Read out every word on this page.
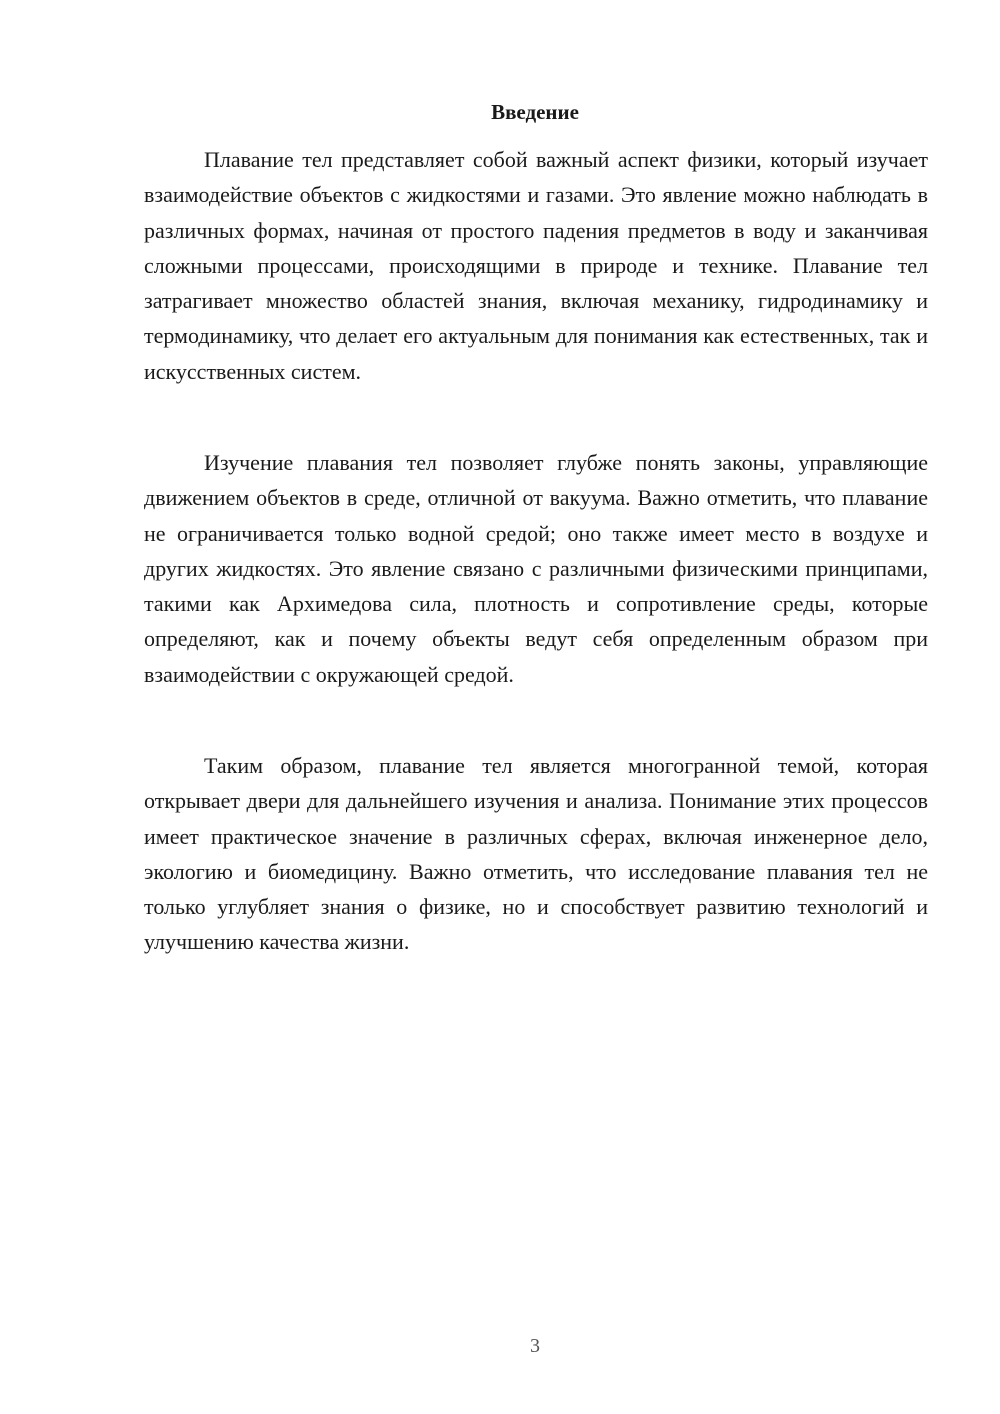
Введение

Плавание тел представляет собой важный аспект физики, который изучает взаимодействие объектов с жидкостями и газами. Это явление можно наблюдать в различных формах, начиная от простого падения предметов в воду и заканчивая сложными процессами, происходящими в природе и технике. Плавание тел затрагивает множество областей знания, включая механику, гидродинамику и термодинамику, что делает его актуальным для понимания как естественных, так и искусственных систем.

Изучение плавания тел позволяет глубже понять законы, управляющие движением объектов в среде, отличной от вакуума. Важно отметить, что плавание не ограничивается только водной средой; оно также имеет место в воздухе и других жидкостях. Это явление связано с различными физическими принципами, такими как Архимедова сила, плотность и сопротивление среды, которые определяют, как и почему объекты ведут себя определенным образом при взаимодействии с окружающей средой.

Таким образом, плавание тел является многогранной темой, которая открывает двери для дальнейшего изучения и анализа. Понимание этих процессов имеет практическое значение в различных сферах, включая инженерное дело, экологию и биомедицину. Важно отметить, что исследование плавания тел не только углубляет знания о физике, но и способствует развитию технологий и улучшению качества жизни.

3
